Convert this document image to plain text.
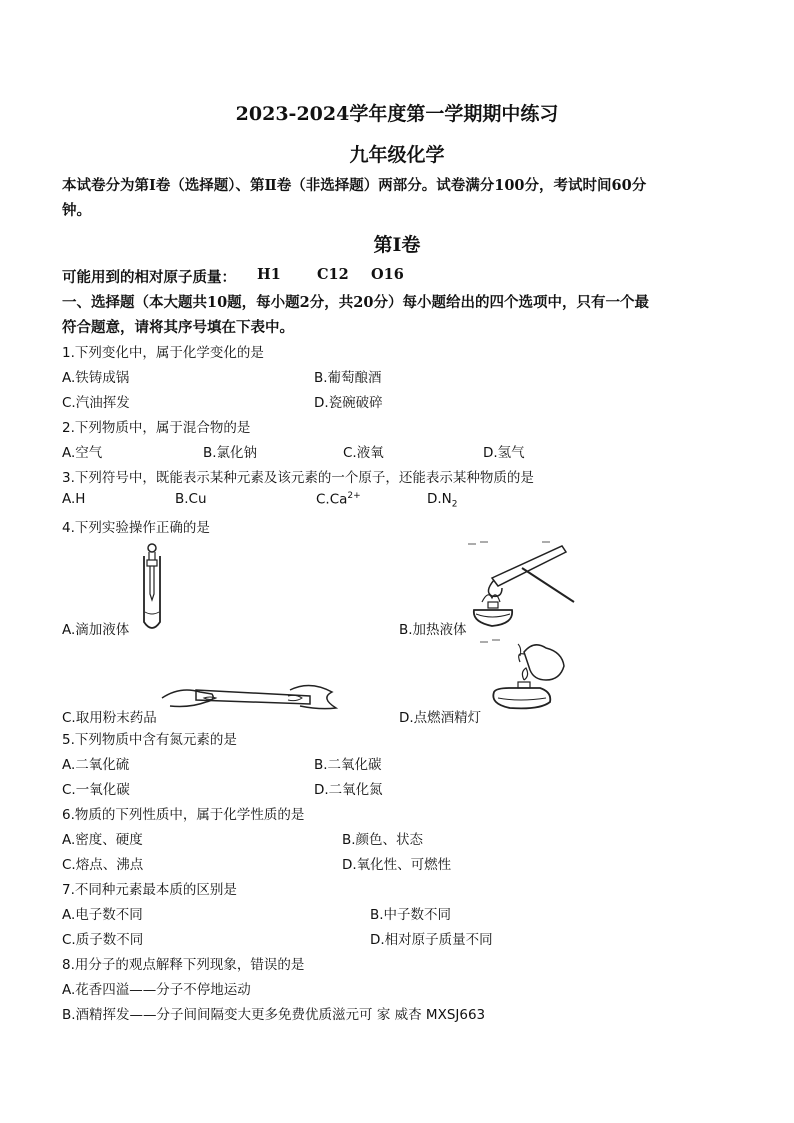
2023-2024学年度第一学期期中练习
九年级化学
本试卷分为第Ⅰ卷（选择题）、第Ⅱ卷（非选择题）两部分。试卷满分100分，考试时间60分
钟。
第Ⅰ卷
可能用到的相对原子质量： H1 C12 O16
一、选择题（本大题共10题，每小题2分，共20分）每小题给出的四个选项中，只有一个最
符合题意，请将其序号填在下表中。
1.下列变化中，属于化学变化的是
A.铁铸成锅	B.葡萄酿酒
C.汽油挥发	D.瓷碗破碎
2.下列物质中，属于混合物的是
A.空气	B.氯化钠	C.液氧	D.氢气
3.下列符号中，既能表示某种元素及该元素的一个原子，还能表示某种物质的是
A.H	B.Cu	$C.Ca^{2+}$	$D.N_2$
4.下列实验操作正确的是
A.滴加液体	B.加热液体
C.取用粉末药品	D.点燃酒精灯
5.下列物质中含有氮元素的是
A.二氧化硫	B.二氧化碳
C.一氧化碳	D.二氧化氮
6.物质的下列性质中，属于化学性质的是
A.密度、硬度	B.颜色、状态
C.熔点、沸点	D.氧化性、可燃性
7.不同种元素最本质的区别是
A.电子数不同	B.中子数不同
C.质子数不同	D.相对原子质量不同
8.用分子的观点解释下列现象，错误的是
A.花香四溢——分子不停地运动
B.酒精挥发——分子间间隔变大更多免费优质滋元可 家 威杏 MXSJ663
